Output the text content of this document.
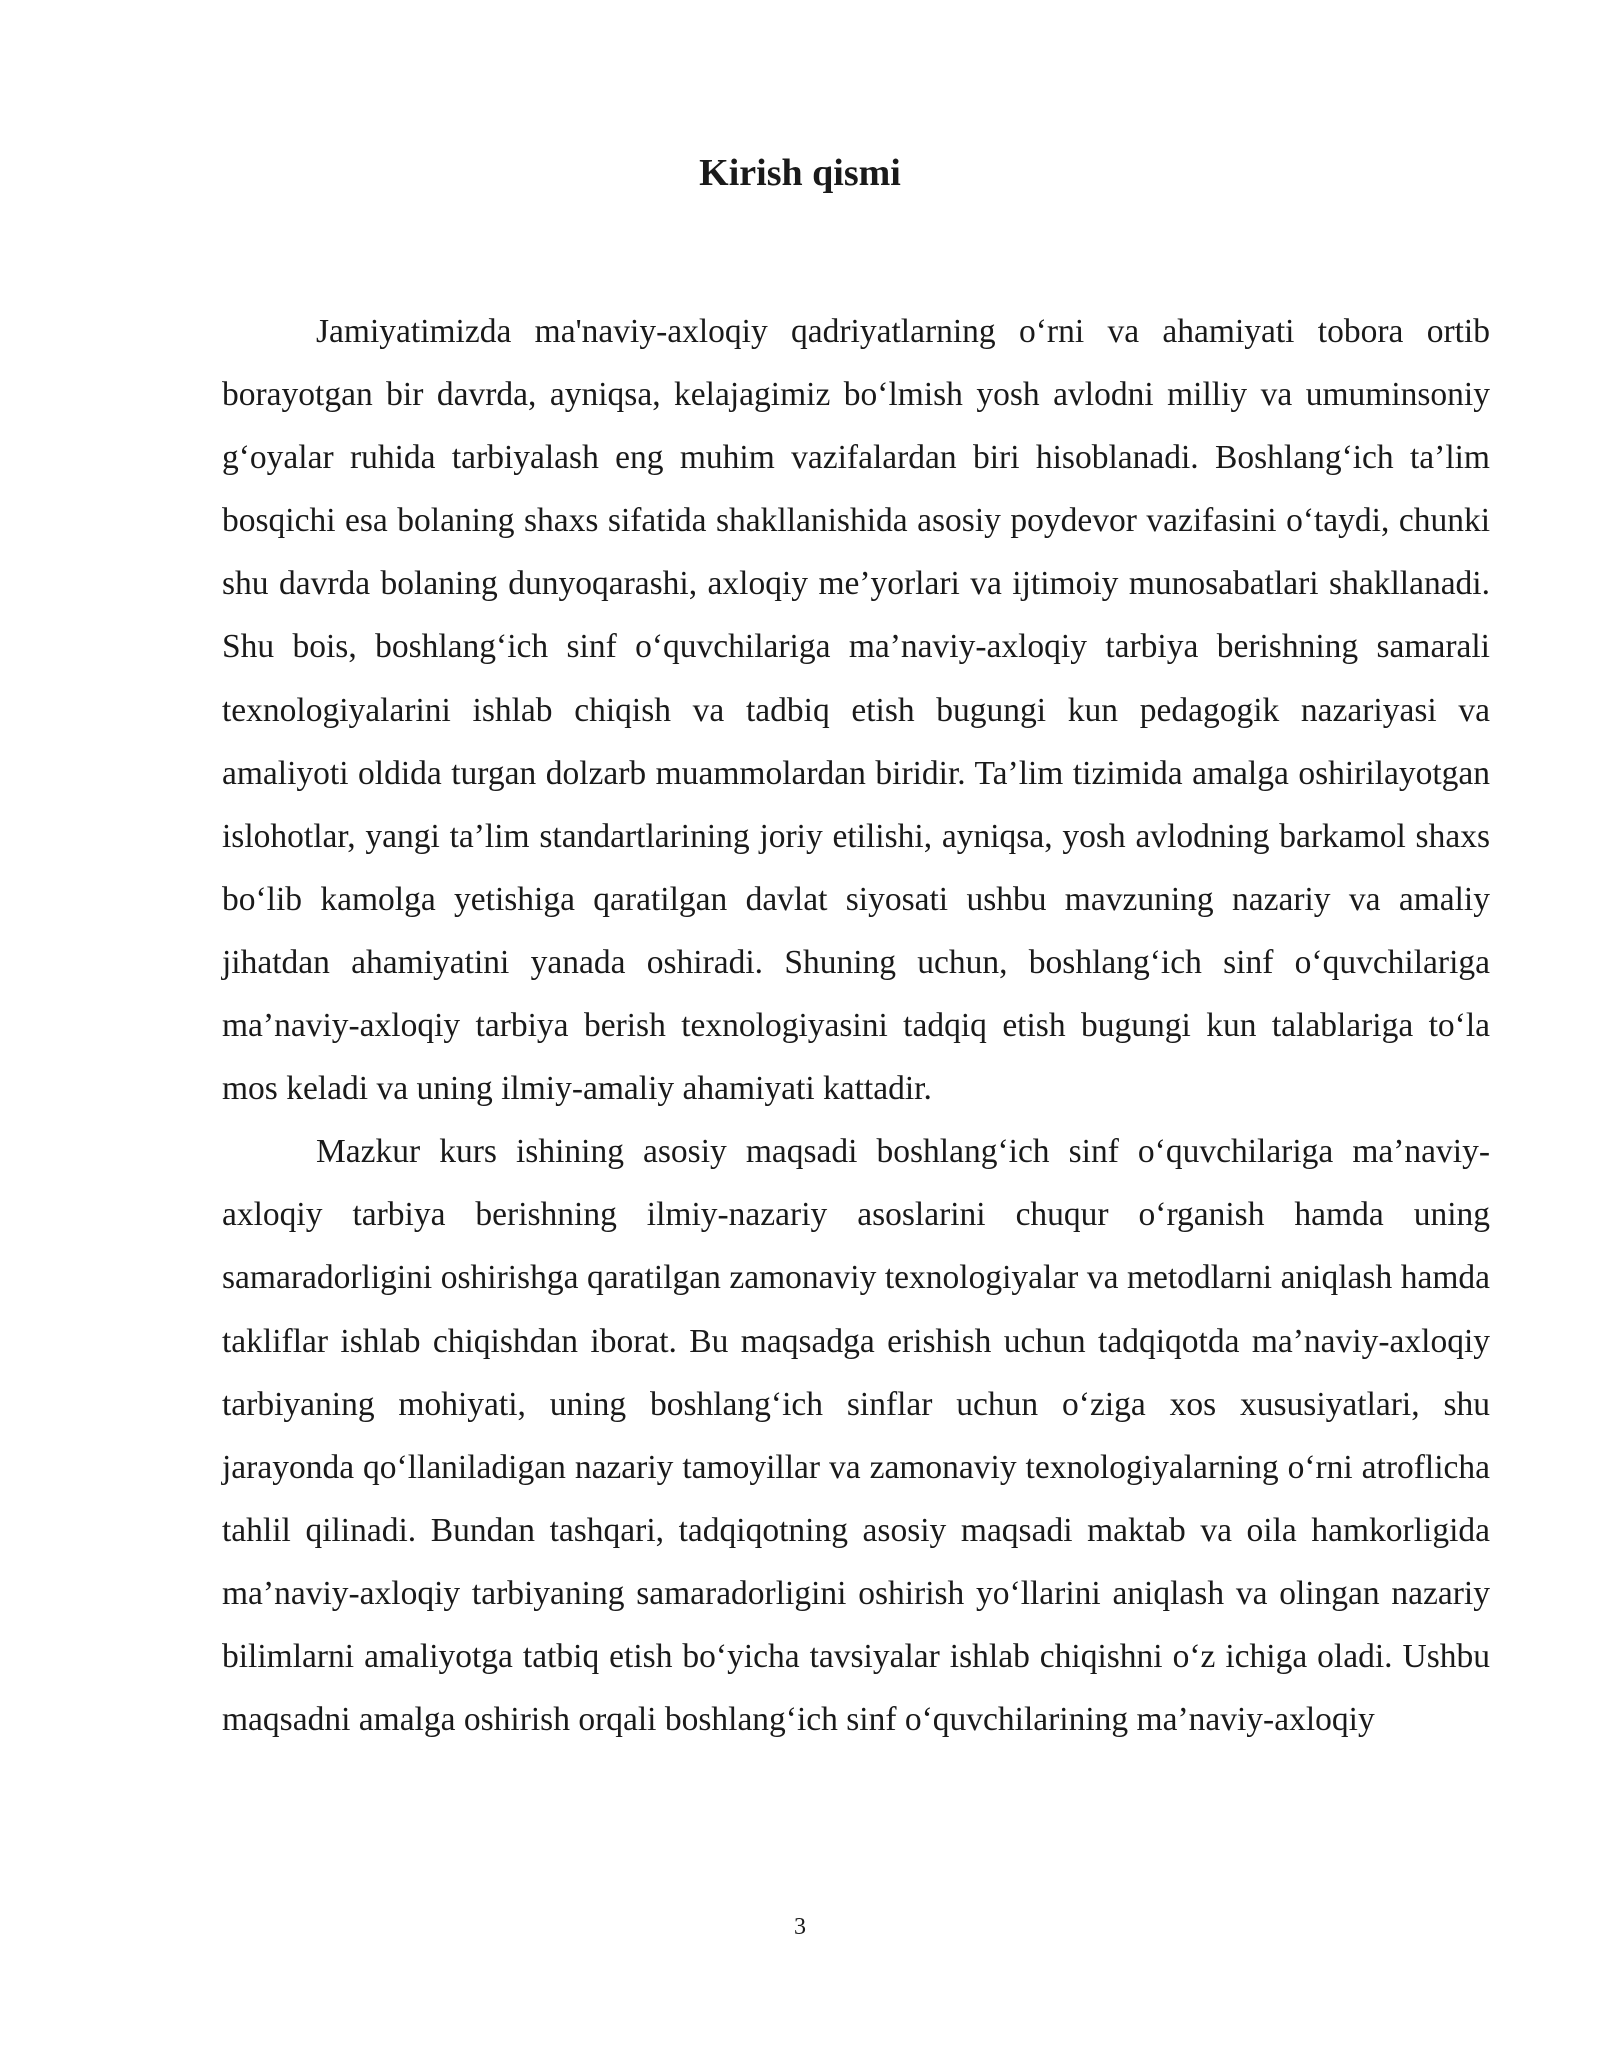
Kirish qismi

Jamiyatimizda ma'naviy-axloqiy qadriyatlarning o‘rni va ahamiyati tobora ortib borayotgan bir davrda, ayniqsa, kelajagimiz bo‘lmish yosh avlodni milliy va umuminsoniy g‘oyalar ruhida tarbiyalash eng muhim vazifalardan biri hisoblanadi. Boshlang‘ich ta’lim bosqichi esa bolaning shaxs sifatida shakllanishida asosiy poydevor vazifasini o‘taydi, chunki shu davrda bolaning dunyoqarashi, axloqiy me’yorlari va ijtimoiy munosabatlari shakllanadi. Shu bois, boshlang‘ich sinf o‘quvchilariga ma’naviy-axloqiy tarbiya berishning samarali texnologiyalarini ishlab chiqish va tadbiq etish bugungi kun pedagogik nazariyasi va amaliyoti oldida turgan dolzarb muammolardan biridir. Ta’lim tizimida amalga oshirilayotgan islohotlar, yangi ta’lim standartlarining joriy etilishi, ayniqsa, yosh avlodning barkamol shaxs bo‘lib kamolga yetishiga qaratilgan davlat siyosati ushbu mavzuning nazariy va amaliy jihatdan ahamiyatini yanada oshiradi. Shuning uchun, boshlang‘ich sinf o‘quvchilariga ma’naviy-axloqiy tarbiya berish texnologiyasini tadqiq etish bugungi kun talablariga to‘la mos keladi va uning ilmiy-amaliy ahamiyati kattadir.

Mazkur kurs ishining asosiy maqsadi boshlang‘ich sinf o‘quvchilariga ma’naviy-axloqiy tarbiya berishning ilmiy-nazariy asoslarini chuqur o‘rganish hamda uning samaradorligini oshirishga qaratilgan zamonaviy texnologiyalar va metodlarni aniqlash hamda takliflar ishlab chiqishdan iborat. Bu maqsadga erishish uchun tadqiqotda ma’naviy-axloqiy tarbiyaning mohiyati, uning boshlang‘ich sinflar uchun o‘ziga xos xususiyatlari, shu jarayonda qo‘llaniladigan nazariy tamoyillar va zamonaviy texnologiyalarning o‘rni atroflicha tahlil qilinadi. Bundan tashqari, tadqiqotning asosiy maqsadi maktab va oila hamkorligida ma’naviy-axloqiy tarbiyaning samaradorligini oshirish yo‘llarini aniqlash va olingan nazariy bilimlarni amaliyotga tatbiq etish bo‘yicha tavsiyalar ishlab chiqishni o‘z ichiga oladi. Ushbu maqsadni amalga oshirish orqali boshlang‘ich sinf o‘quvchilarining ma’naviy-axloqiy

3
